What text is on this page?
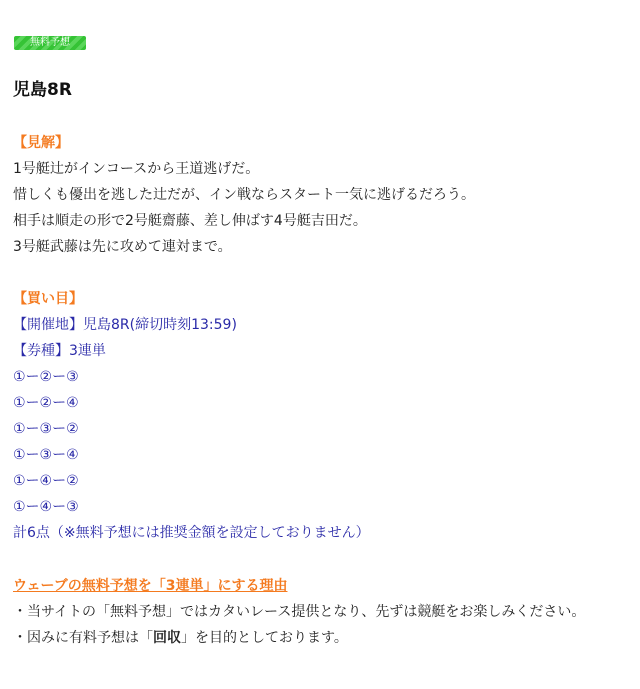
無料予想
児島8R
【見解】
1号艇辻がインコースから王道逃げだ。
惜しくも優出を逃した辻だが、イン戦ならスタート一気に逃げるだろう。
相手は順走の形で2号艇齋藤、差し伸ばす4号艇吉田だ。
3号艇武藤は先に攻めて連対まで。
【買い目】
【開催地】児島8R(締切時刻13:59)
【券種】3連単
①ー②ー③
①ー②ー④
①ー③ー②
①ー③ー④
①ー④ー②
①ー④ー③
計6点（※無料予想には推奨金額を設定しておりません）
ウェーブの無料予想を「3連単」にする理由
・当サイトの「無料予想」ではカタいレース提供となり、先ずは競艇をお楽しみください。
・因みに有料予想は「回収」を目的としております。
